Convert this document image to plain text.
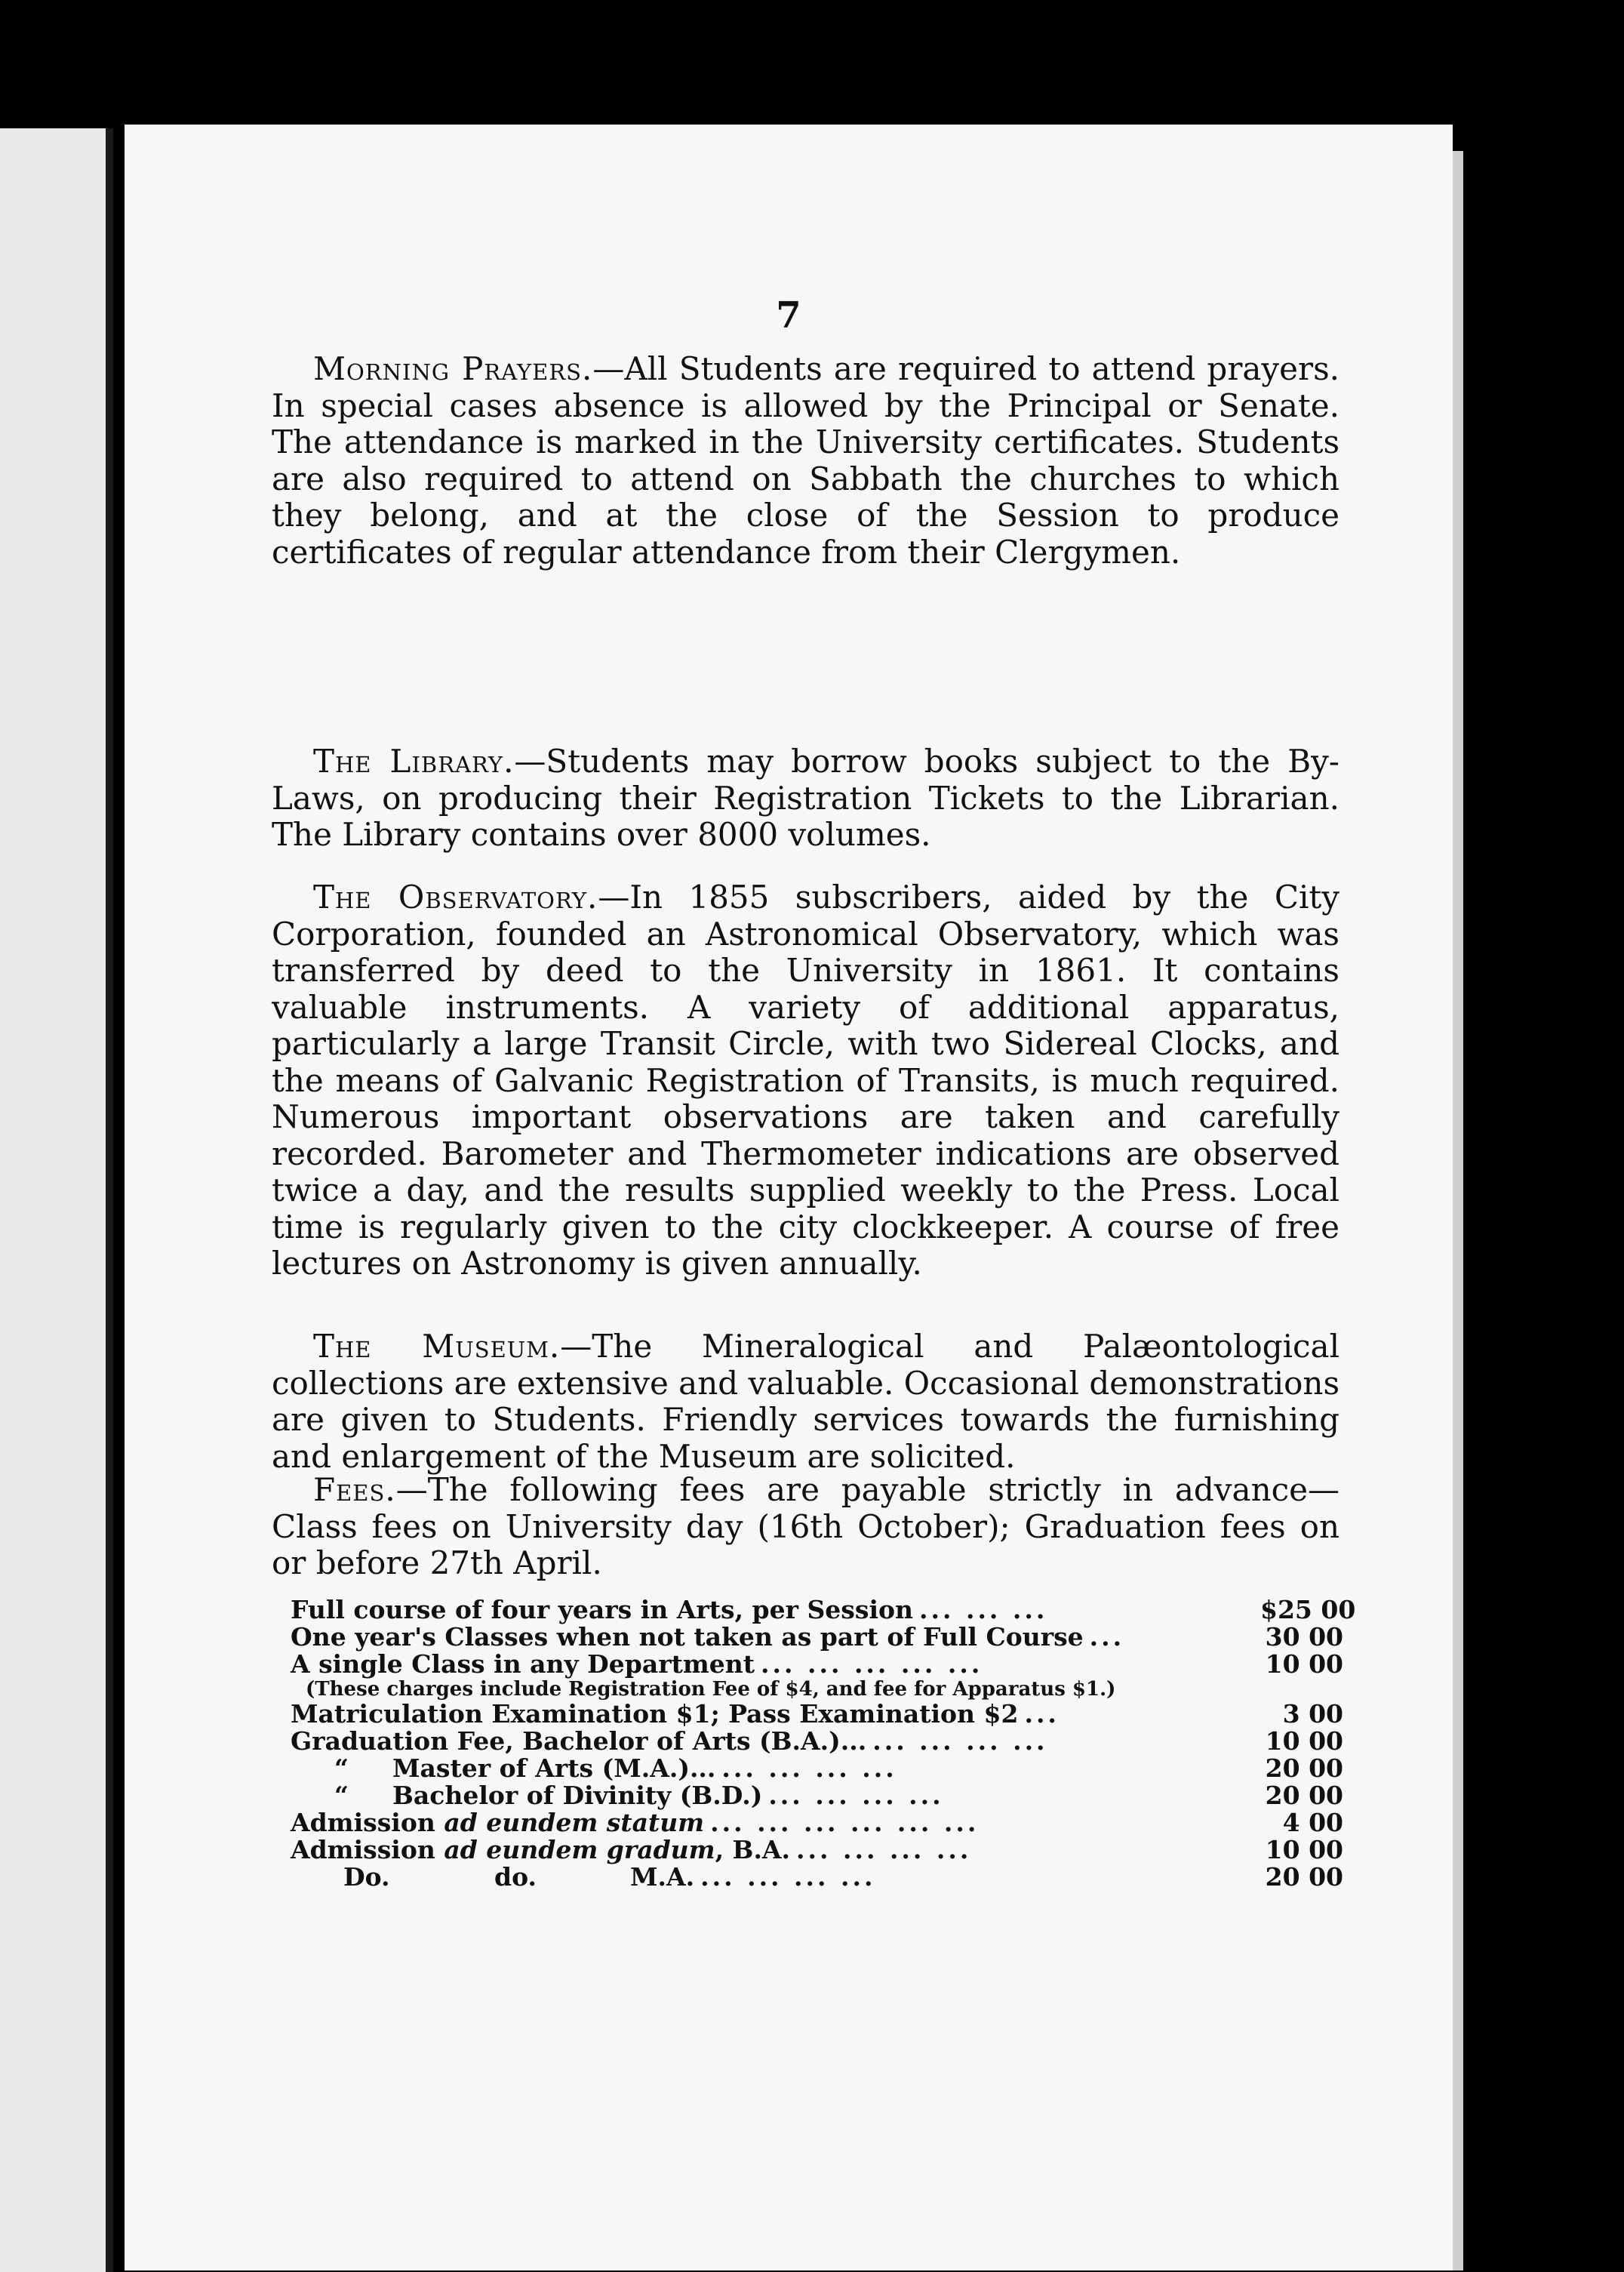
7

Morning Prayers.—All Students are required to attend prayers. In special cases absence is allowed by the Principal or Senate. The attendance is marked in the University certificates. Students are also required to attend on Sabbath the churches to which they belong, and at the close of the Session to produce certificates of regular attendance from their Clergymen.

The Library.—Students may borrow books subject to the By-Laws, on producing their Registration Tickets to the Librarian. The Library contains over 8000 volumes.

The Observatory.—In 1855 subscribers, aided by the City Corporation, founded an Astronomical Observatory, which was transferred by deed to the University in 1861. It contains valuable instruments. A variety of additional apparatus, particularly a large Transit Circle, with two Sidereal Clocks, and the means of Galvanic Registration of Transits, is much required. Numerous important observations are taken and carefully recorded. Barometer and Thermometer indications are observed twice a day, and the results supplied weekly to the Press. Local time is regularly given to the city clockkeeper. A course of free lectures on Astronomy is given annually.

The Museum.—The Mineralogical and Palæontological collections are extensive and valuable. Occasional demonstrations are given to Students. Friendly services towards the furnishing and enlargement of the Museum are solicited.

Fees.—The following fees are payable strictly in advance—Class fees on University day (16th October); Graduation fees on or before 27th April.

Full course of four years in Arts, per Session ... ... ...	$25 00
One year's Classes when not taken as part of Full Course ...	30 00
A single Class in any Department ... ... ... ... ...	10 00
(These charges include Registration Fee of $4, and fee for Apparatus $1.)
Matriculation Examination $1; Pass Examination $2 ...	3 00
Graduation Fee, Bachelor of Arts (B.A.)... ... ... ... ...	10 00
“ Master of Arts (M.A.)... ... ... ... ...	20 00
“ Bachelor of Divinity (B.D.) ... ... ... ...	20 00
Admission ad eundem statum ... ... ... ... ... ...	4 00
Admission ad eundem gradum, B.A. ... ... ... ...	10 00
Do.	do.	M.A. ... ... ... ...	20 00
